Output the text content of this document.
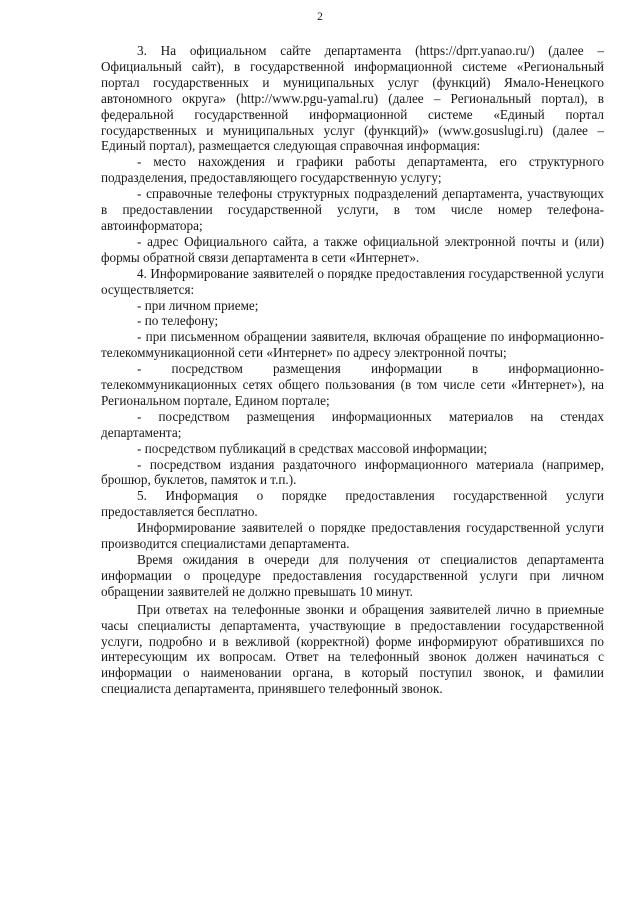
2

3. На официальном сайте департамента (https://dprr.yanao.ru/) (далее – Официальный сайт), в государственной информационной системе «Региональный портал государственных и муниципальных услуг (функций) Ямало-Ненецкого автономного округа» (http://www.pgu-yamal.ru) (далее – Региональный портал), в федеральной государственной информационной системе «Единый портал государственных и муниципальных услуг (функций)» (www.gosuslugi.ru) (далее – Единый портал), размещается следующая справочная информация:

- место нахождения и графики работы департамента, его структурного подразделения, предоставляющего государственную услугу;

- справочные телефоны структурных подразделений департамента, участвующих в предоставлении государственной услуги, в том числе номер телефона-автоинформатора;

- адрес Официального сайта, а также официальной электронной почты и (или) формы обратной связи департамента в сети «Интернет».

4. Информирование заявителей о порядке предоставления государственной услуги осуществляется:

- при личном приеме;

- по телефону;

- при письменном обращении заявителя, включая обращение по информационно-телекоммуникационной сети «Интернет» по адресу электронной почты;

- посредством размещения информации в информационно-телекоммуникационных сетях общего пользования (в том числе сети «Интернет»), на Региональном портале, Едином портале;

- посредством размещения информационных материалов на стендах департамента;

- посредством публикаций в средствах массовой информации;

- посредством издания раздаточного информационного материала (например, брошюр, буклетов, памяток и т.п.).

5. Информация о порядке предоставления государственной услуги предоставляется бесплатно.

Информирование заявителей о порядке предоставления государственной услуги производится специалистами департамента.

Время ожидания в очереди для получения от специалистов департамента информации о процедуре предоставления государственной услуги при личном обращении заявителей не должно превышать 10 минут.

При ответах на телефонные звонки и обращения заявителей лично в приемные часы специалисты департамента, участвующие в предоставлении государственной услуги, подробно и в вежливой (корректной) форме информируют обратившихся по интересующим их вопросам. Ответ на телефонный звонок должен начинаться с информации о наименовании органа, в который поступил звонок, и фамилии специалиста департамента, принявшего телефонный звонок.
